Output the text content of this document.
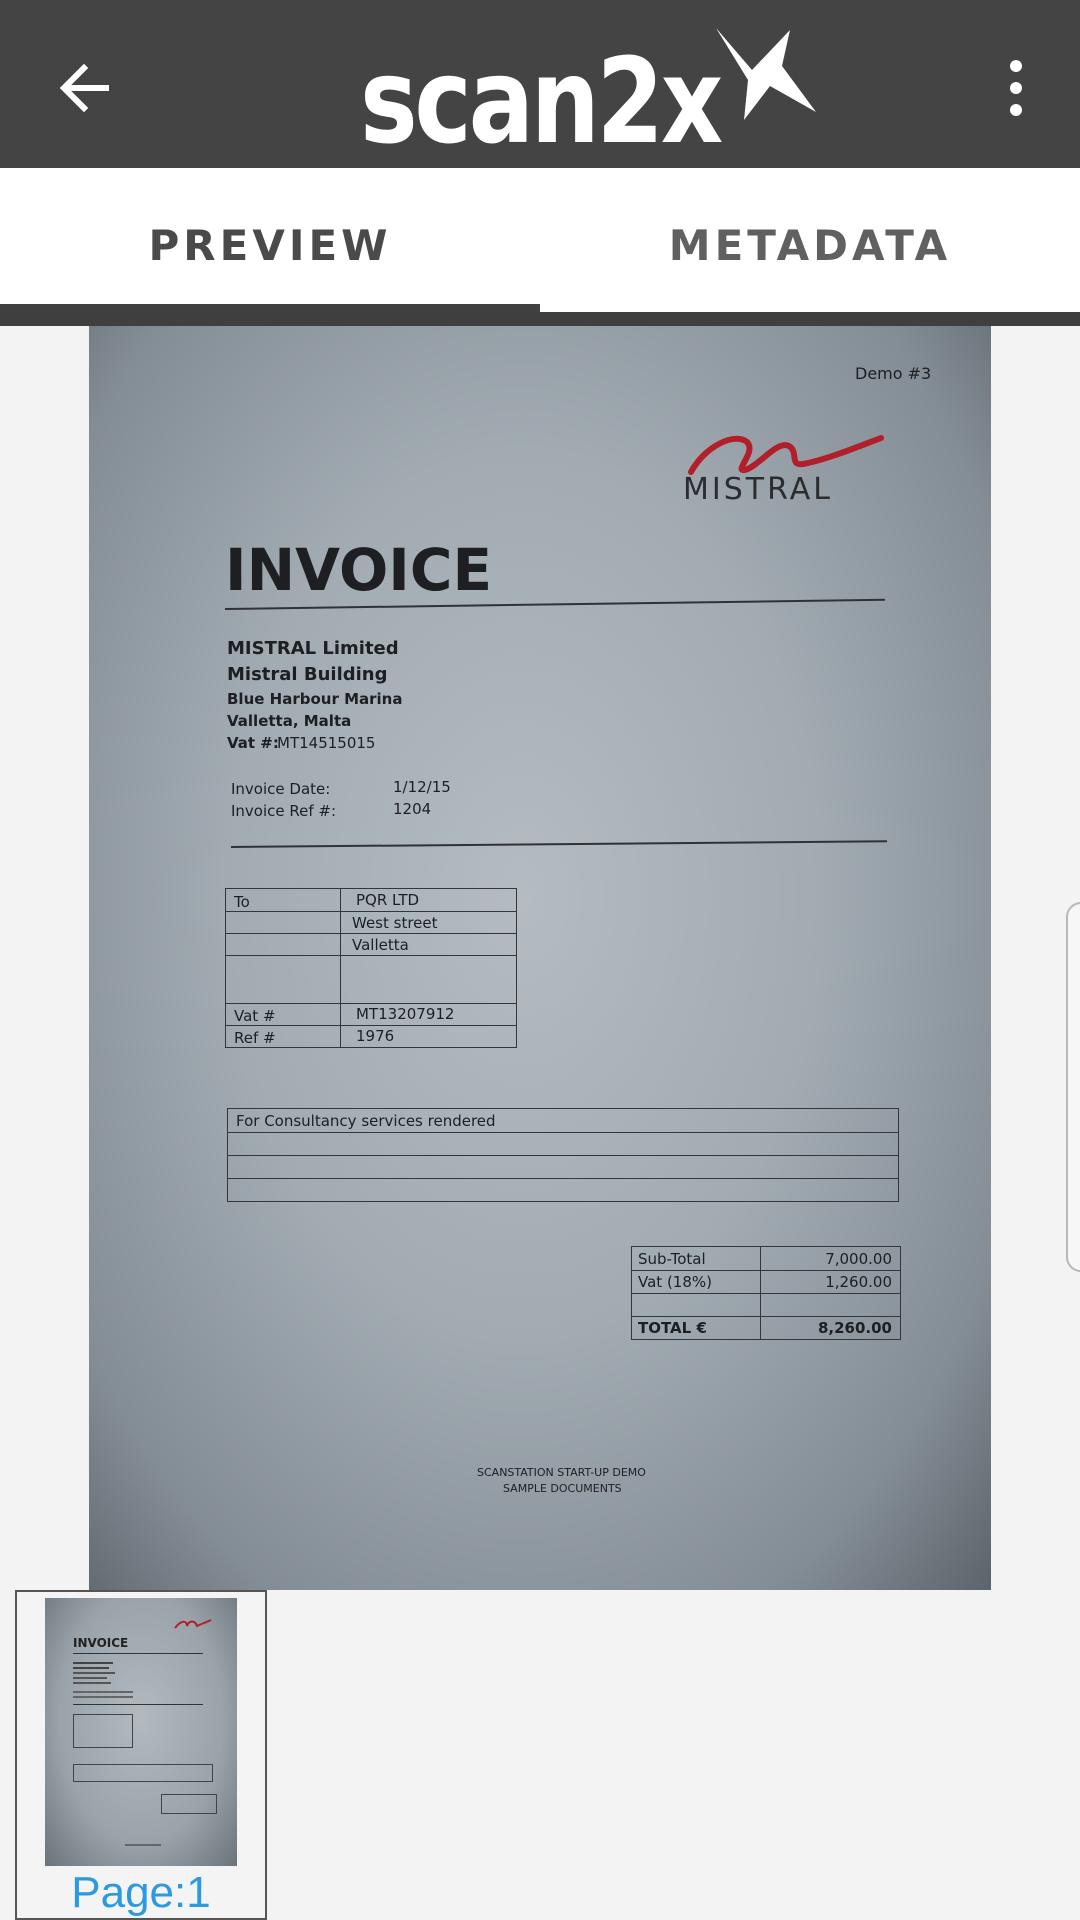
scan2x
PREVIEW	METADATA
Demo #3
MISTRAL
INVOICE
MISTRAL Limited
Mistral Building
Blue Harbour Marina
Valletta, Malta
Vat #:
MT14515015
Invoice Date:	1/12/15
Invoice Ref #:	1204
To	PQR LTD
West street
Valletta
Vat #	MT13207912
Ref #	1976
For Consultancy services rendered
Sub-Total	7,000.00
Vat (18%)	1,260.00
TOTAL €	8,260.00
SCANSTATION START-UP DEMO
SAMPLE DOCUMENTS
INVOICE
Page:1
